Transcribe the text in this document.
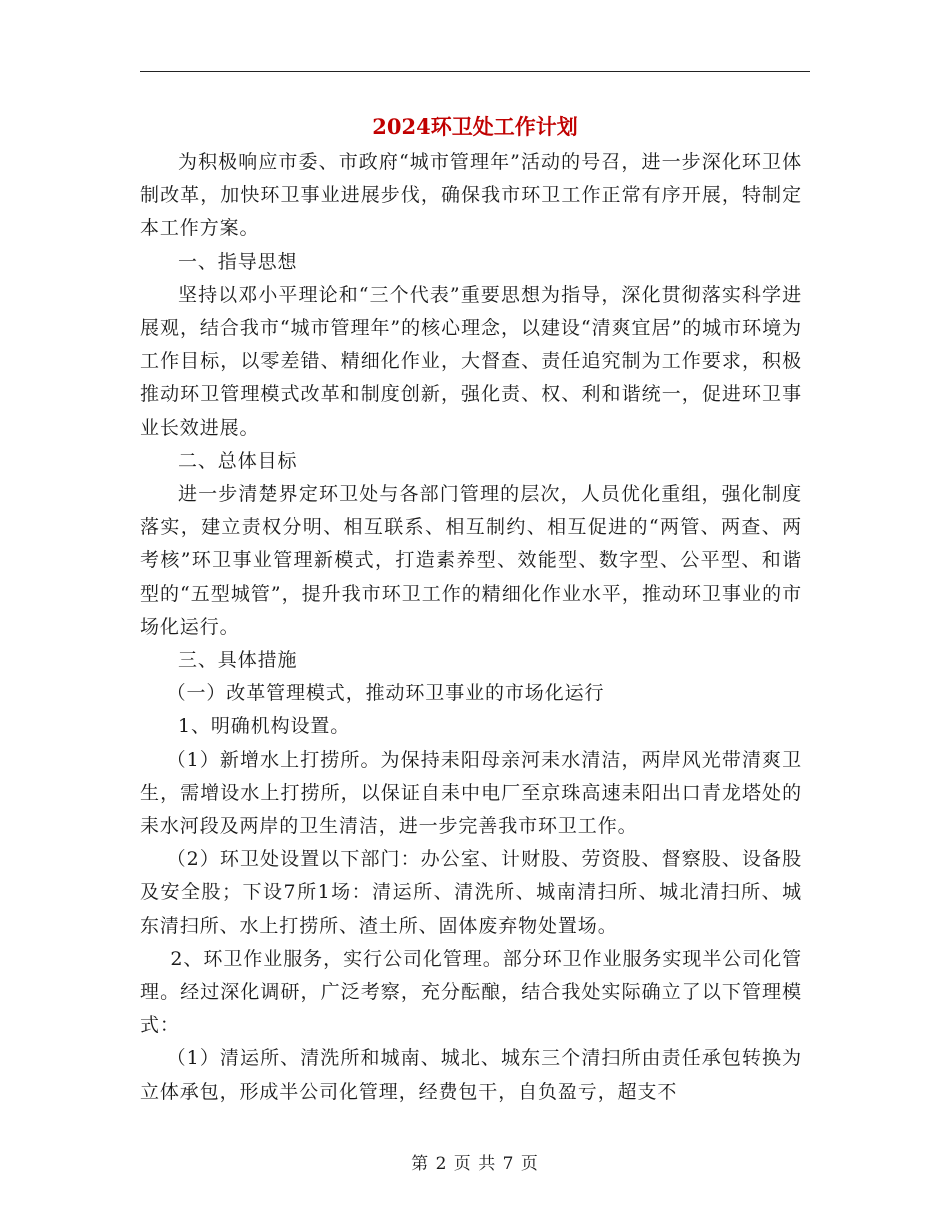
2024环卫处工作计划

为积极响应市委、市政府“城市管理年”活动的号召，进一步深化环卫体制改革，加快环卫事业进展步伐，确保我市环卫工作正常有序开展，特制定本工作方案。

一、指导思想

坚持以邓小平理论和“三个代表”重要思想为指导，深化贯彻落实科学进展观，结合我市“城市管理年”的核心理念，以建设“清爽宜居”的城市环境为工作目标，以零差错、精细化作业，大督查、责任追究制为工作要求，积极推动环卫管理模式改革和制度创新，强化责、权、利和谐统一，促进环卫事业长效进展。

二、总体目标

进一步清楚界定环卫处与各部门管理的层次，人员优化重组，强化制度落实，建立责权分明、相互联系、相互制约、相互促进的“两管、两查、两考核”环卫事业管理新模式，打造素养型、效能型、数字型、公平型、和谐型的“五型城管”，提升我市环卫工作的精细化作业水平，推动环卫事业的市场化运行。

三、具体措施

（一）改革管理模式，推动环卫事业的市场化运行

1、明确机构设置。

（1）新增水上打捞所。为保持耒阳母亲河耒水清洁，两岸风光带清爽卫生，需增设水上打捞所，以保证自耒中电厂至京珠高速耒阳出口青龙塔处的耒水河段及两岸的卫生清洁，进一步完善我市环卫工作。

（2）环卫处设置以下部门：办公室、计财股、劳资股、督察股、设备股及安全股；下设7所1场：清运所、清洗所、城南清扫所、城北清扫所、城东清扫所、水上打捞所、渣土所、固体废弃物处置场。

2、环卫作业服务，实行公司化管理。部分环卫作业服务实现半公司化管理。经过深化调研，广泛考察，充分酝酿，结合我处实际确立了以下管理模式：

（1）清运所、清洗所和城南、城北、城东三个清扫所由责任承包转换为立体承包，形成半公司化管理，经费包干，自负盈亏，超支不

第 2 页 共 7 页
